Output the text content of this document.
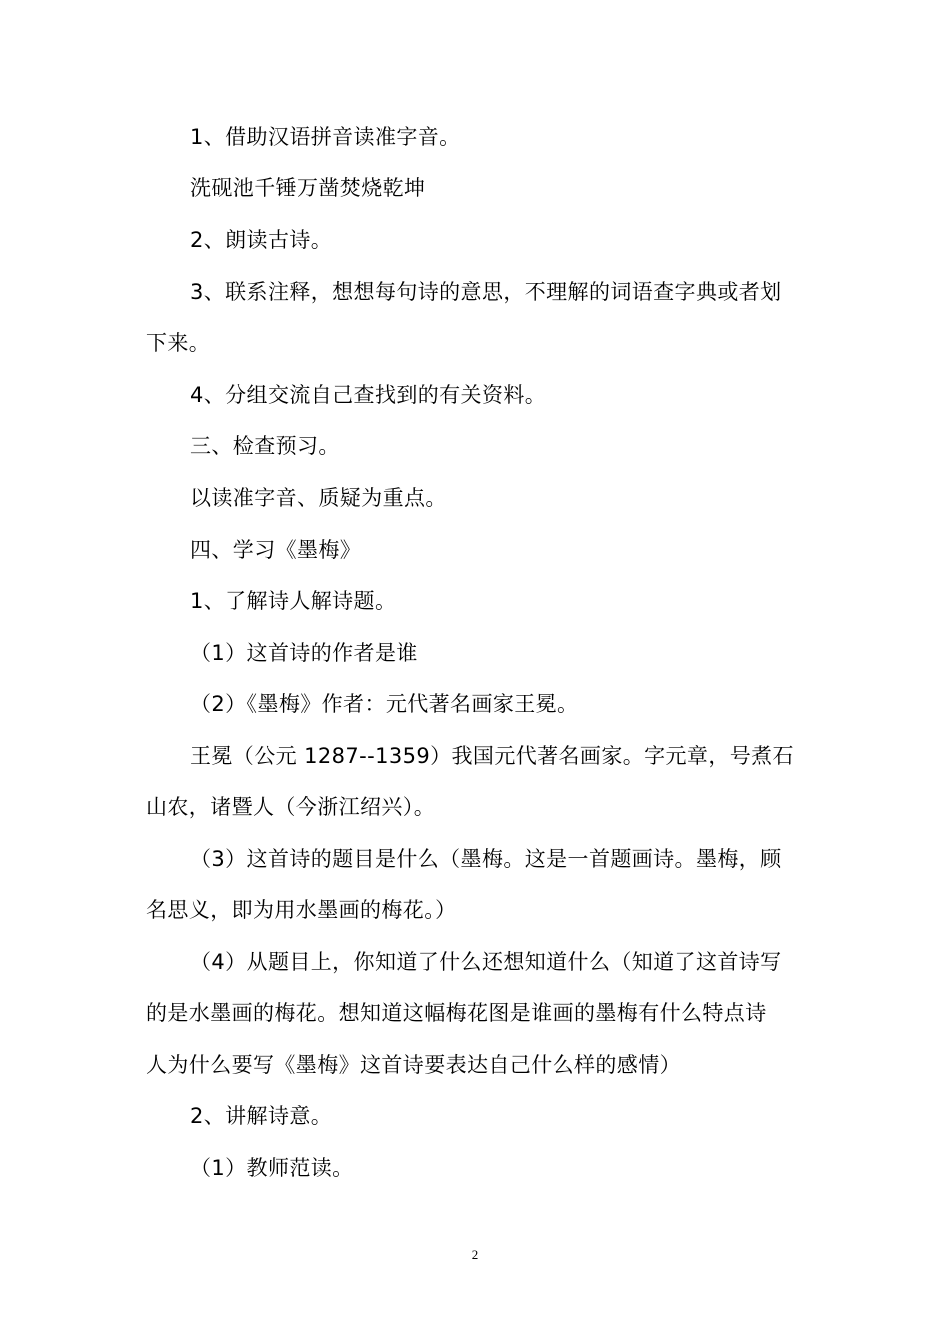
1、借助汉语拼音读准字音。
洗砚池千锤万凿焚烧乾坤
2、朗读古诗。
3、联系注释，想想每句诗的意思，不理解的词语查字典或者划
下来。
4、分组交流自己查找到的有关资料。
三、检查预习。
以读准字音、质疑为重点。
四、学习《墨梅》
1、了解诗人解诗题。
（1）这首诗的作者是谁
（2）《墨梅》作者：元代著名画家王冕。
王冕（公元 1287--1359）我国元代著名画家。字元章，号煮石
山农，诸暨人（今浙江绍兴）。
（3）这首诗的题目是什么（墨梅。这是一首题画诗。墨梅，顾
名思义，即为用水墨画的梅花。）
（4）从题目上，你知道了什么还想知道什么（知道了这首诗写
的是水墨画的梅花。想知道这幅梅花图是谁画的墨梅有什么特点诗
人为什么要写《墨梅》这首诗要表达自己什么样的感情）
2、讲解诗意。
（1）教师范读。
2
